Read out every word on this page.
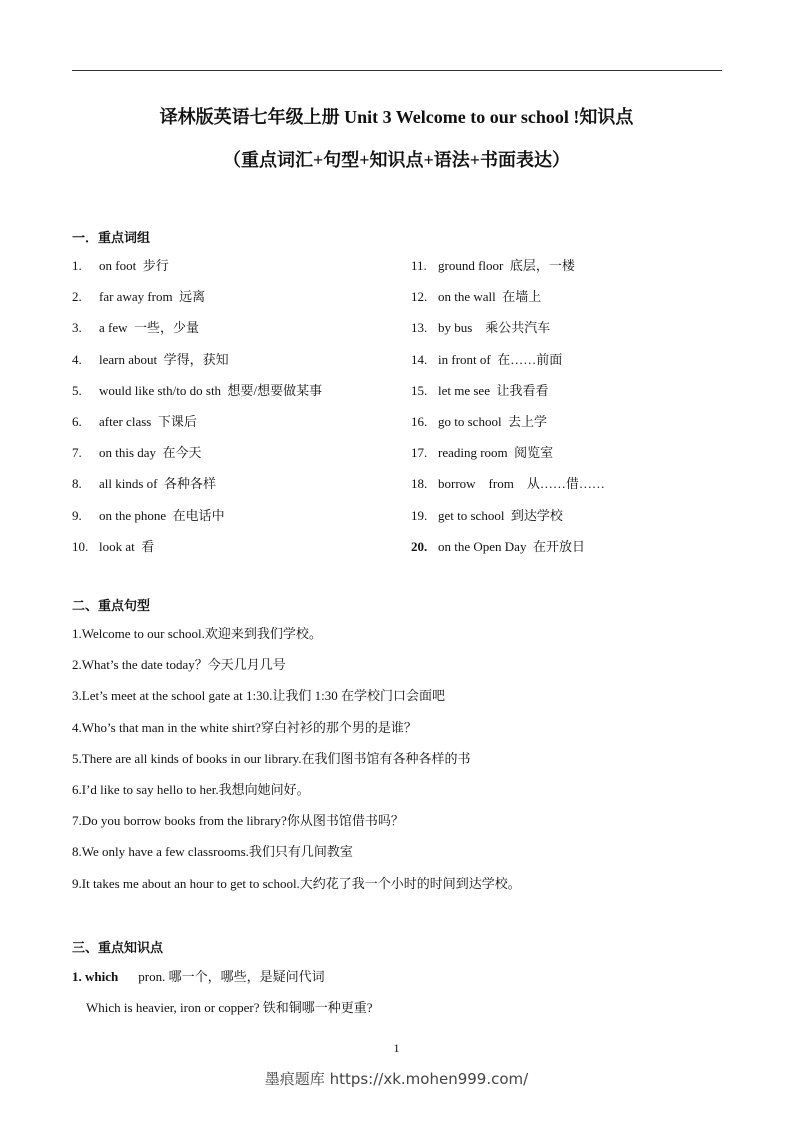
译林版英语七年级上册 Unit 3 Welcome to our school !知识点
（重点词汇+句型+知识点+语法+书面表达）
一．重点词组
1. on foot  步行
2. far away from  远离
3. a few  一些，少量
4. learn about  学得，获知
5. would like sth/to do sth  想要/想要做某事
6. after class  下课后
7. on this day  在今天
8. all kinds of  各种各样
9. on the phone  在电话中
10. look at  看
11. ground floor  底层，一楼
12. on the wall  在墙上
13. by bus    乘公共汽车
14. in front of  在……前面
15. let me see  让我看看
16. go to school  去上学
17. reading room  阅览室
18. borrow    from    从……借……
19. get to school  到达学校
20. on the Open Day  在开放日
二、重点句型
1.Welcome to our school.欢迎来到我们学校。
2.What’s the date today？今天几月几号
3.Let’s meet at the school gate at 1:30.让我们 1:30 在学校门口会面吧
4.Who’s that man in the white shirt?穿白衬衫的那个男的是谁？
5.There are all kinds of books in our library.在我们图书馆有各种各样的书
6.I’d like to say hello to her.我想向她问好。
7.Do you borrow books from the library?你从图书馆借书吗？
8.We only have a few classrooms.我们只有几间教室
9.It takes me about an hour to get to school.大约花了我一个小时的时间到达学校。
三、重点知识点
1. which pron. 哪一个，哪些，是疑问代词
Which is heavier, iron or copper? 铁和铜哪一种更重?
1
墨痕题库 https://xk.mohen999.com/
